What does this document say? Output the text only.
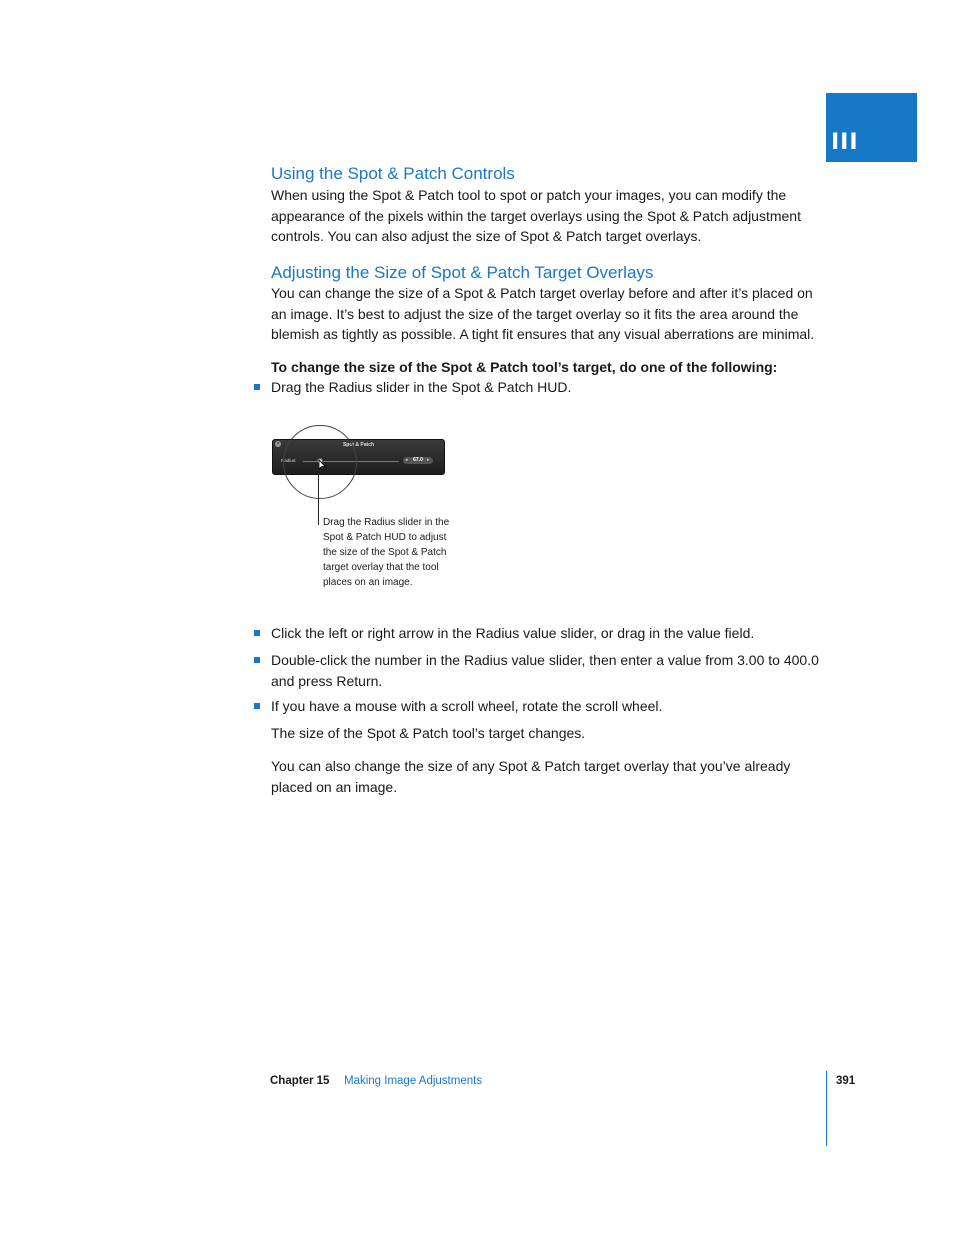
III
Using the Spot & Patch Controls

When using the Spot & Patch tool to spot or patch your images, you can modify the appearance of the pixels within the target overlays using the Spot & Patch adjustment controls. You can also adjust the size of Spot & Patch target overlays.

Adjusting the Size of Spot & Patch Target Overlays

You can change the size of a Spot & Patch target overlay before and after it’s placed on an image. It’s best to adjust the size of the target overlay so it fits the area around the blemish as tightly as possible. A tight fit ensures that any visual aberrations are minimal.

To change the size of the Spot & Patch tool’s target, do one of the following:

Drag the Radius slider in the Spot & Patch HUD.
×	Spot & Patch
Radius:	67.0
◂	▸

Drag the Radius slider in the Spot & Patch HUD to adjust the size of the Spot & Patch target overlay that the tool places on an image.

Click the left or right arrow in the Radius value slider, or drag in the value field.
Double-click the number in the Radius value slider, then enter a value from 3.00 to 400.0 and press Return.
If you have a mouse with a scroll wheel, rotate the scroll wheel.

The size of the Spot & Patch tool’s target changes.

You can also change the size of any Spot & Patch target overlay that you’ve already placed on an image.

Chapter 15 Making Image Adjustments	391
